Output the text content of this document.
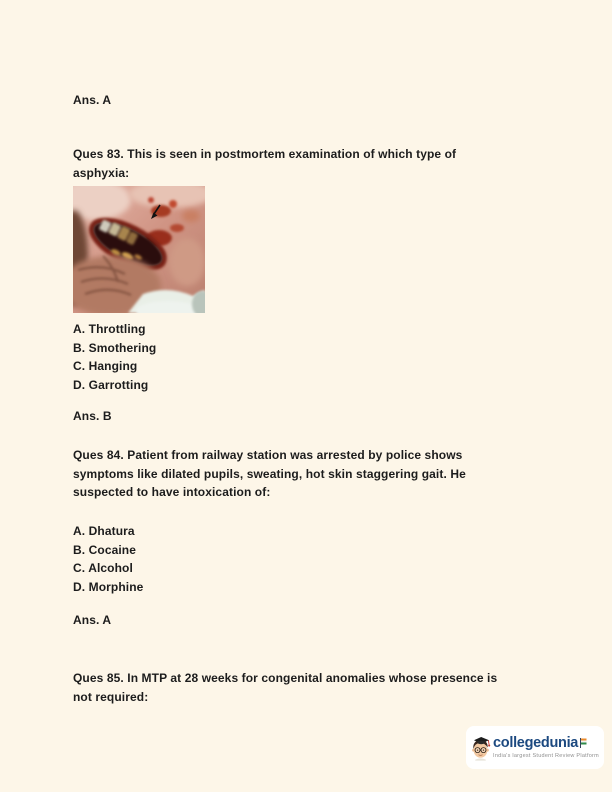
Ans. A
Ques 83. This is seen in postmortem examination of which type of
asphyxia:
A. Throttling
B. Smothering
C. Hanging
D. Garrotting
Ans. B
Ques 84. Patient from railway station was arrested by police shows
symptoms like dilated pupils, sweating, hot skin staggering gait. He
suspected to have intoxication of:
A. Dhatura
B. Cocaine
C. Alcohol
D. Morphine
Ans. A
Ques 85. In MTP at 28 weeks for congenital anomalies whose presence is
not required:
collegedunia
India's largest Student Review Platform
